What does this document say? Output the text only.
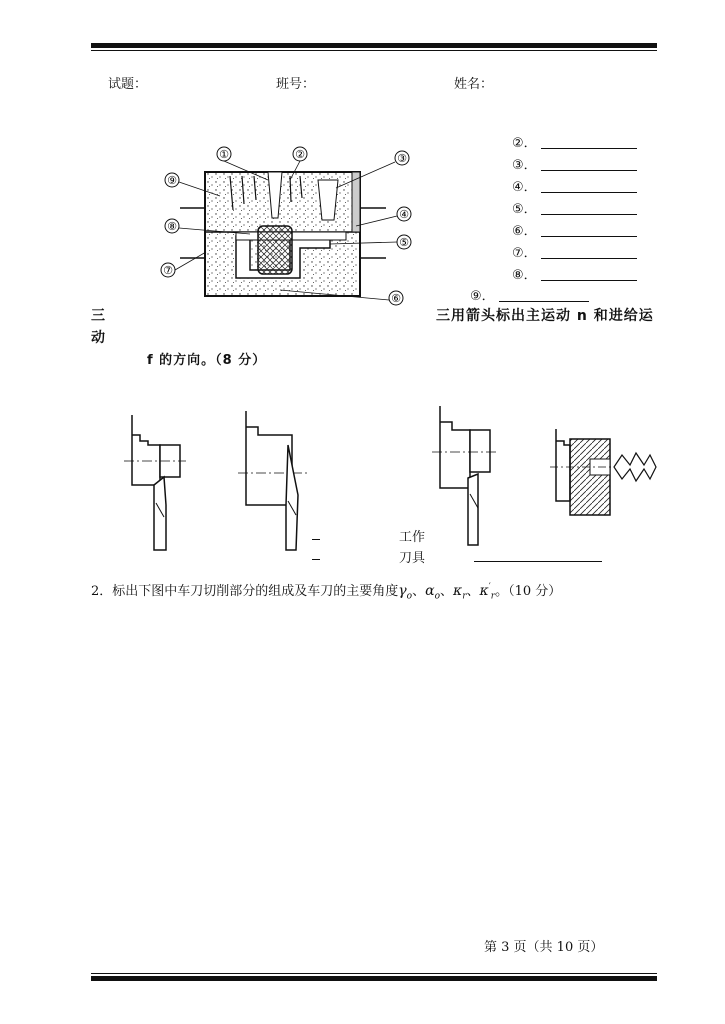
试题：	班号：	姓名：
①	②	③
④
⑤
⑥
⑦
⑧
⑨
②．
③．
④．
⑤．
⑥．
⑦．
⑧．
⑨．
三	三用箭头标出主运动 n 和进给运
动
f 的方向。（8 分）
工作
刀具
2．标出下图中车刀切削部分的组成及车刀的主要角度$\gamma_o$、$\alpha_o$、$\kappa_r$、$\kappa'_r$。（10 分）
第 3 页（共 10 页）
